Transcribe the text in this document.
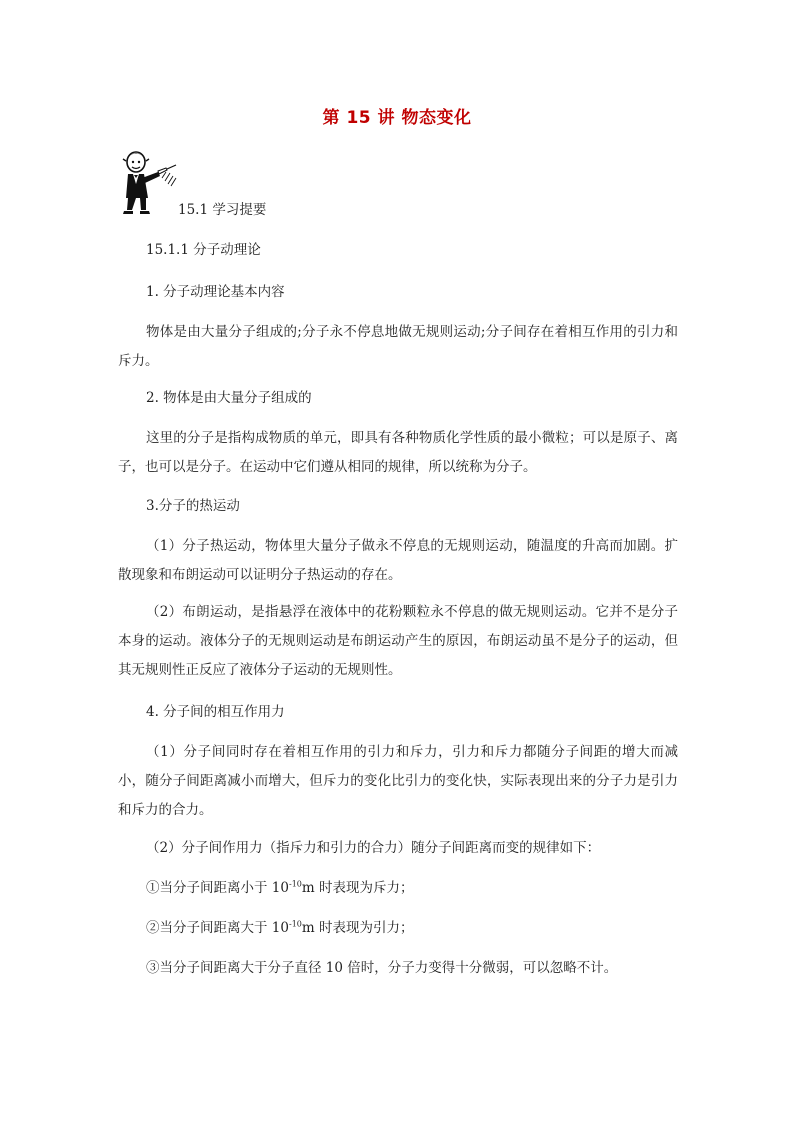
第 15 讲 物态变化
15.1 学习提要
15.1.1 分子动理论
1. 分子动理论基本内容
物体是由大量分子组成的;分子永不停息地做无规则运动;分子间存在着相互作用的引力和斥力。
2. 物体是由大量分子组成的
这里的分子是指构成物质的单元，即具有各种物质化学性质的最小微粒；可以是原子、离子，也可以是分子。在运动中它们遵从相同的规律，所以统称为分子。
3.分子的热运动
（1）分子热运动，物体里大量分子做永不停息的无规则运动，随温度的升高而加剧。扩散现象和布朗运动可以证明分子热运动的存在。
（2）布朗运动，是指悬浮在液体中的花粉颗粒永不停息的做无规则运动。它并不是分子本身的运动。液体分子的无规则运动是布朗运动产生的原因，布朗运动虽不是分子的运动，但其无规则性正反应了液体分子运动的无规则性。
4. 分子间的相互作用力
（1）分子间同时存在着相互作用的引力和斥力，引力和斥力都随分子间距的增大而减小，随分子间距离减小而增大，但斥力的变化比引力的变化快，实际表现出来的分子力是引力和斥力的合力。
（2）分子间作用力（指斥力和引力的合力）随分子间距离而变的规律如下：
①当分子间距离小于 $10^{-10}m$ 时表现为斥力；
②当分子间距离大于 $10^{-10}m$ 时表现为引力；
③当分子间距离大于分子直径 10 倍时，分子力变得十分微弱，可以忽略不计。
